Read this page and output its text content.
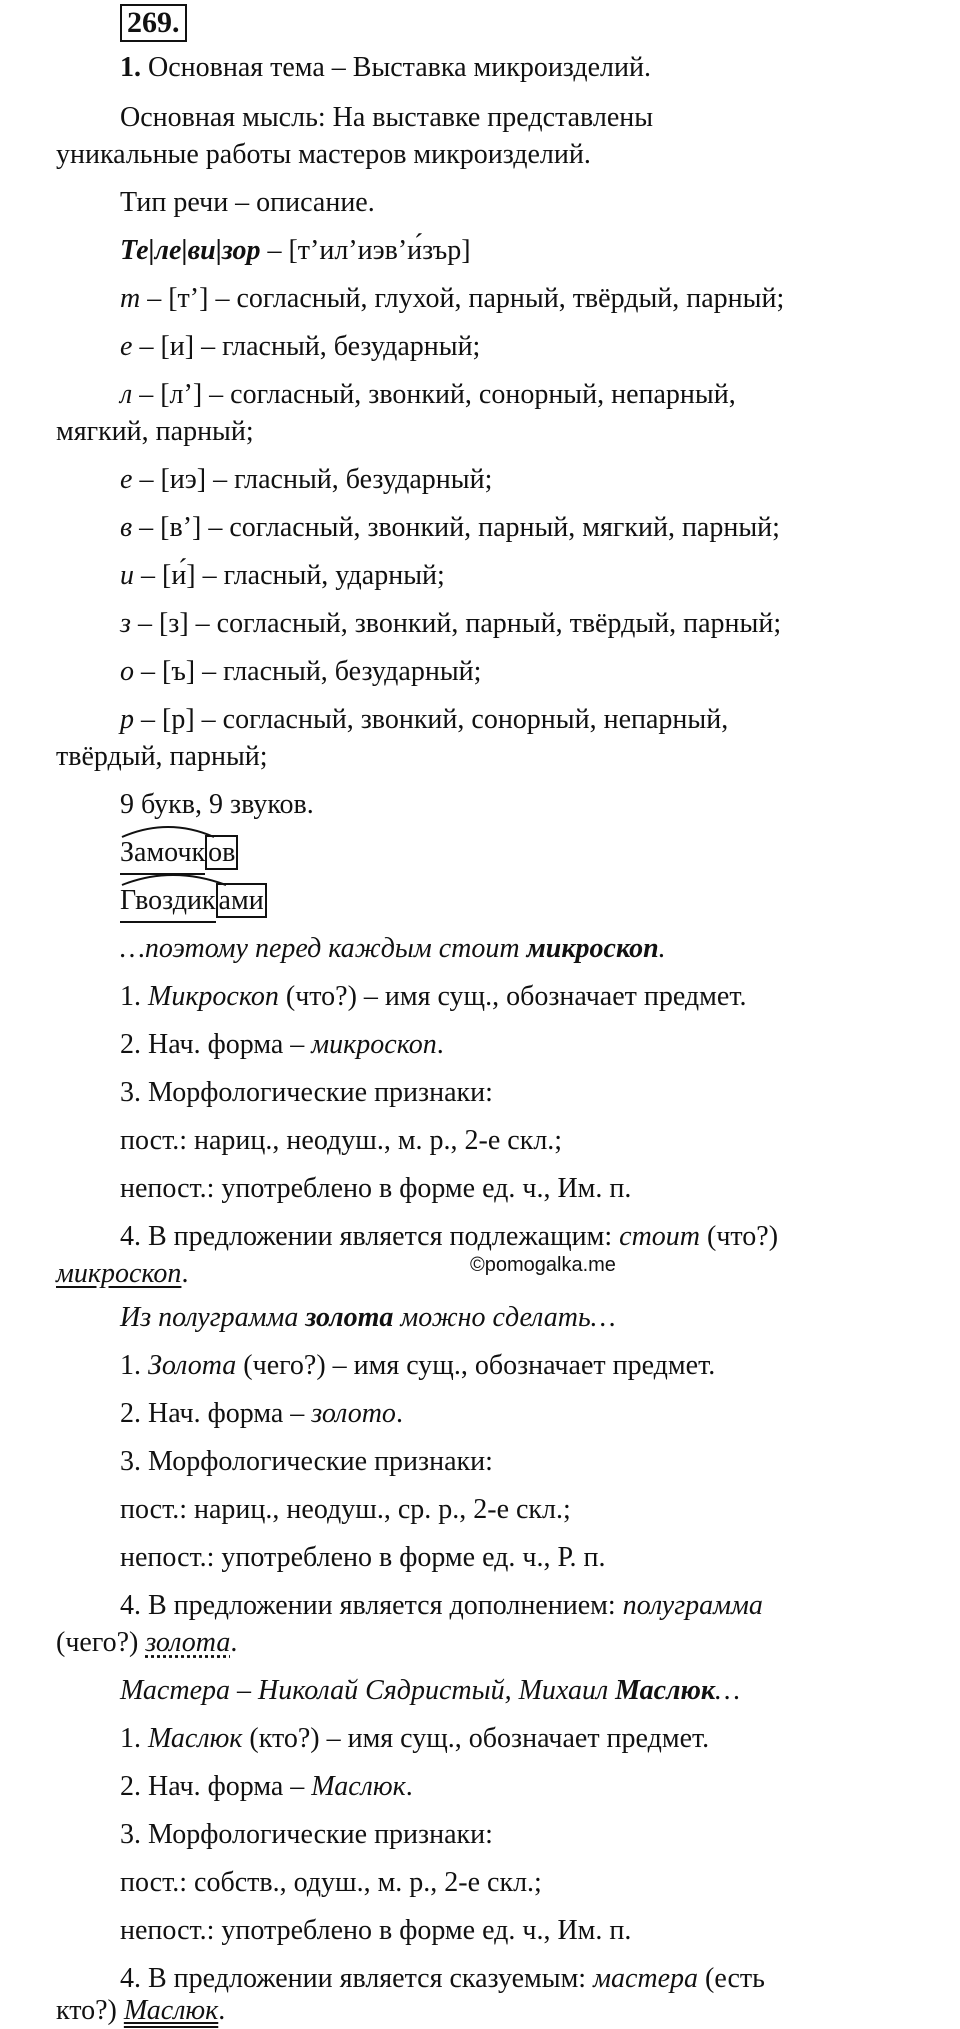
269.
1. Основная тема – Выставка микроизделий.
Основная мысль: На выставке представлены
уникальные работы мастеров микроизделий.
Тип речи – описание.
Те|ле|ви|зор – [т’ил’иэв’и́зър]
т – [т’] – согласный, глухой, парный, твёрдый, парный;
е – [и] – гласный, безударный;
л – [л’] – согласный, звонкий, сонорный, непарный,
мягкий, парный;
е – [иэ] – гласный, безударный;
в – [в’] – согласный, звонкий, парный, мягкий, парный;
и – [и́] – гласный, ударный;
з – [з] – согласный, звонкий, парный, твёрдый, парный;
о – [ъ] – гласный, безударный;
р – [р] – согласный, звонкий, сонорный, непарный,
твёрдый, парный;
9 букв, 9 звуков.
Замочк ов
Гвоздик ами
…поэтому перед каждым стоит микроскоп.
1. Микроскоп (что?) – имя сущ., обозначает предмет.
2. Нач. форма – микроскоп.
3. Морфологические признаки:
пост.: нариц., неодуш., м. р., 2-е скл.;
непост.: употреблено в форме ед. ч., Им. п.
4. В предложении является подлежащим: стоит (что?)
микроскоп.	©pomogalka.me
Из полуграмма золота можно сделать…
1. Золота (чего?) – имя сущ., обозначает предмет.
2. Нач. форма – золото.
3. Морфологические признаки:
пост.: нариц., неодуш., ср. р., 2-е скл.;
непост.: употреблено в форме ед. ч., Р. п.
4. В предложении является дополнением: полуграмма
(чего?) золота.
Мастера – Николай Сядристый, Михаил Маслюк…
1. Маслюк (кто?) – имя сущ., обозначает предмет.
2. Нач. форма – Маслюк.
3. Морфологические признаки:
пост.: собств., одуш., м. р., 2-е скл.;
непост.: употреблено в форме ед. ч., Им. п.
4. В предложении является сказуемым: мастера (есть
кто?) Маслюк.
